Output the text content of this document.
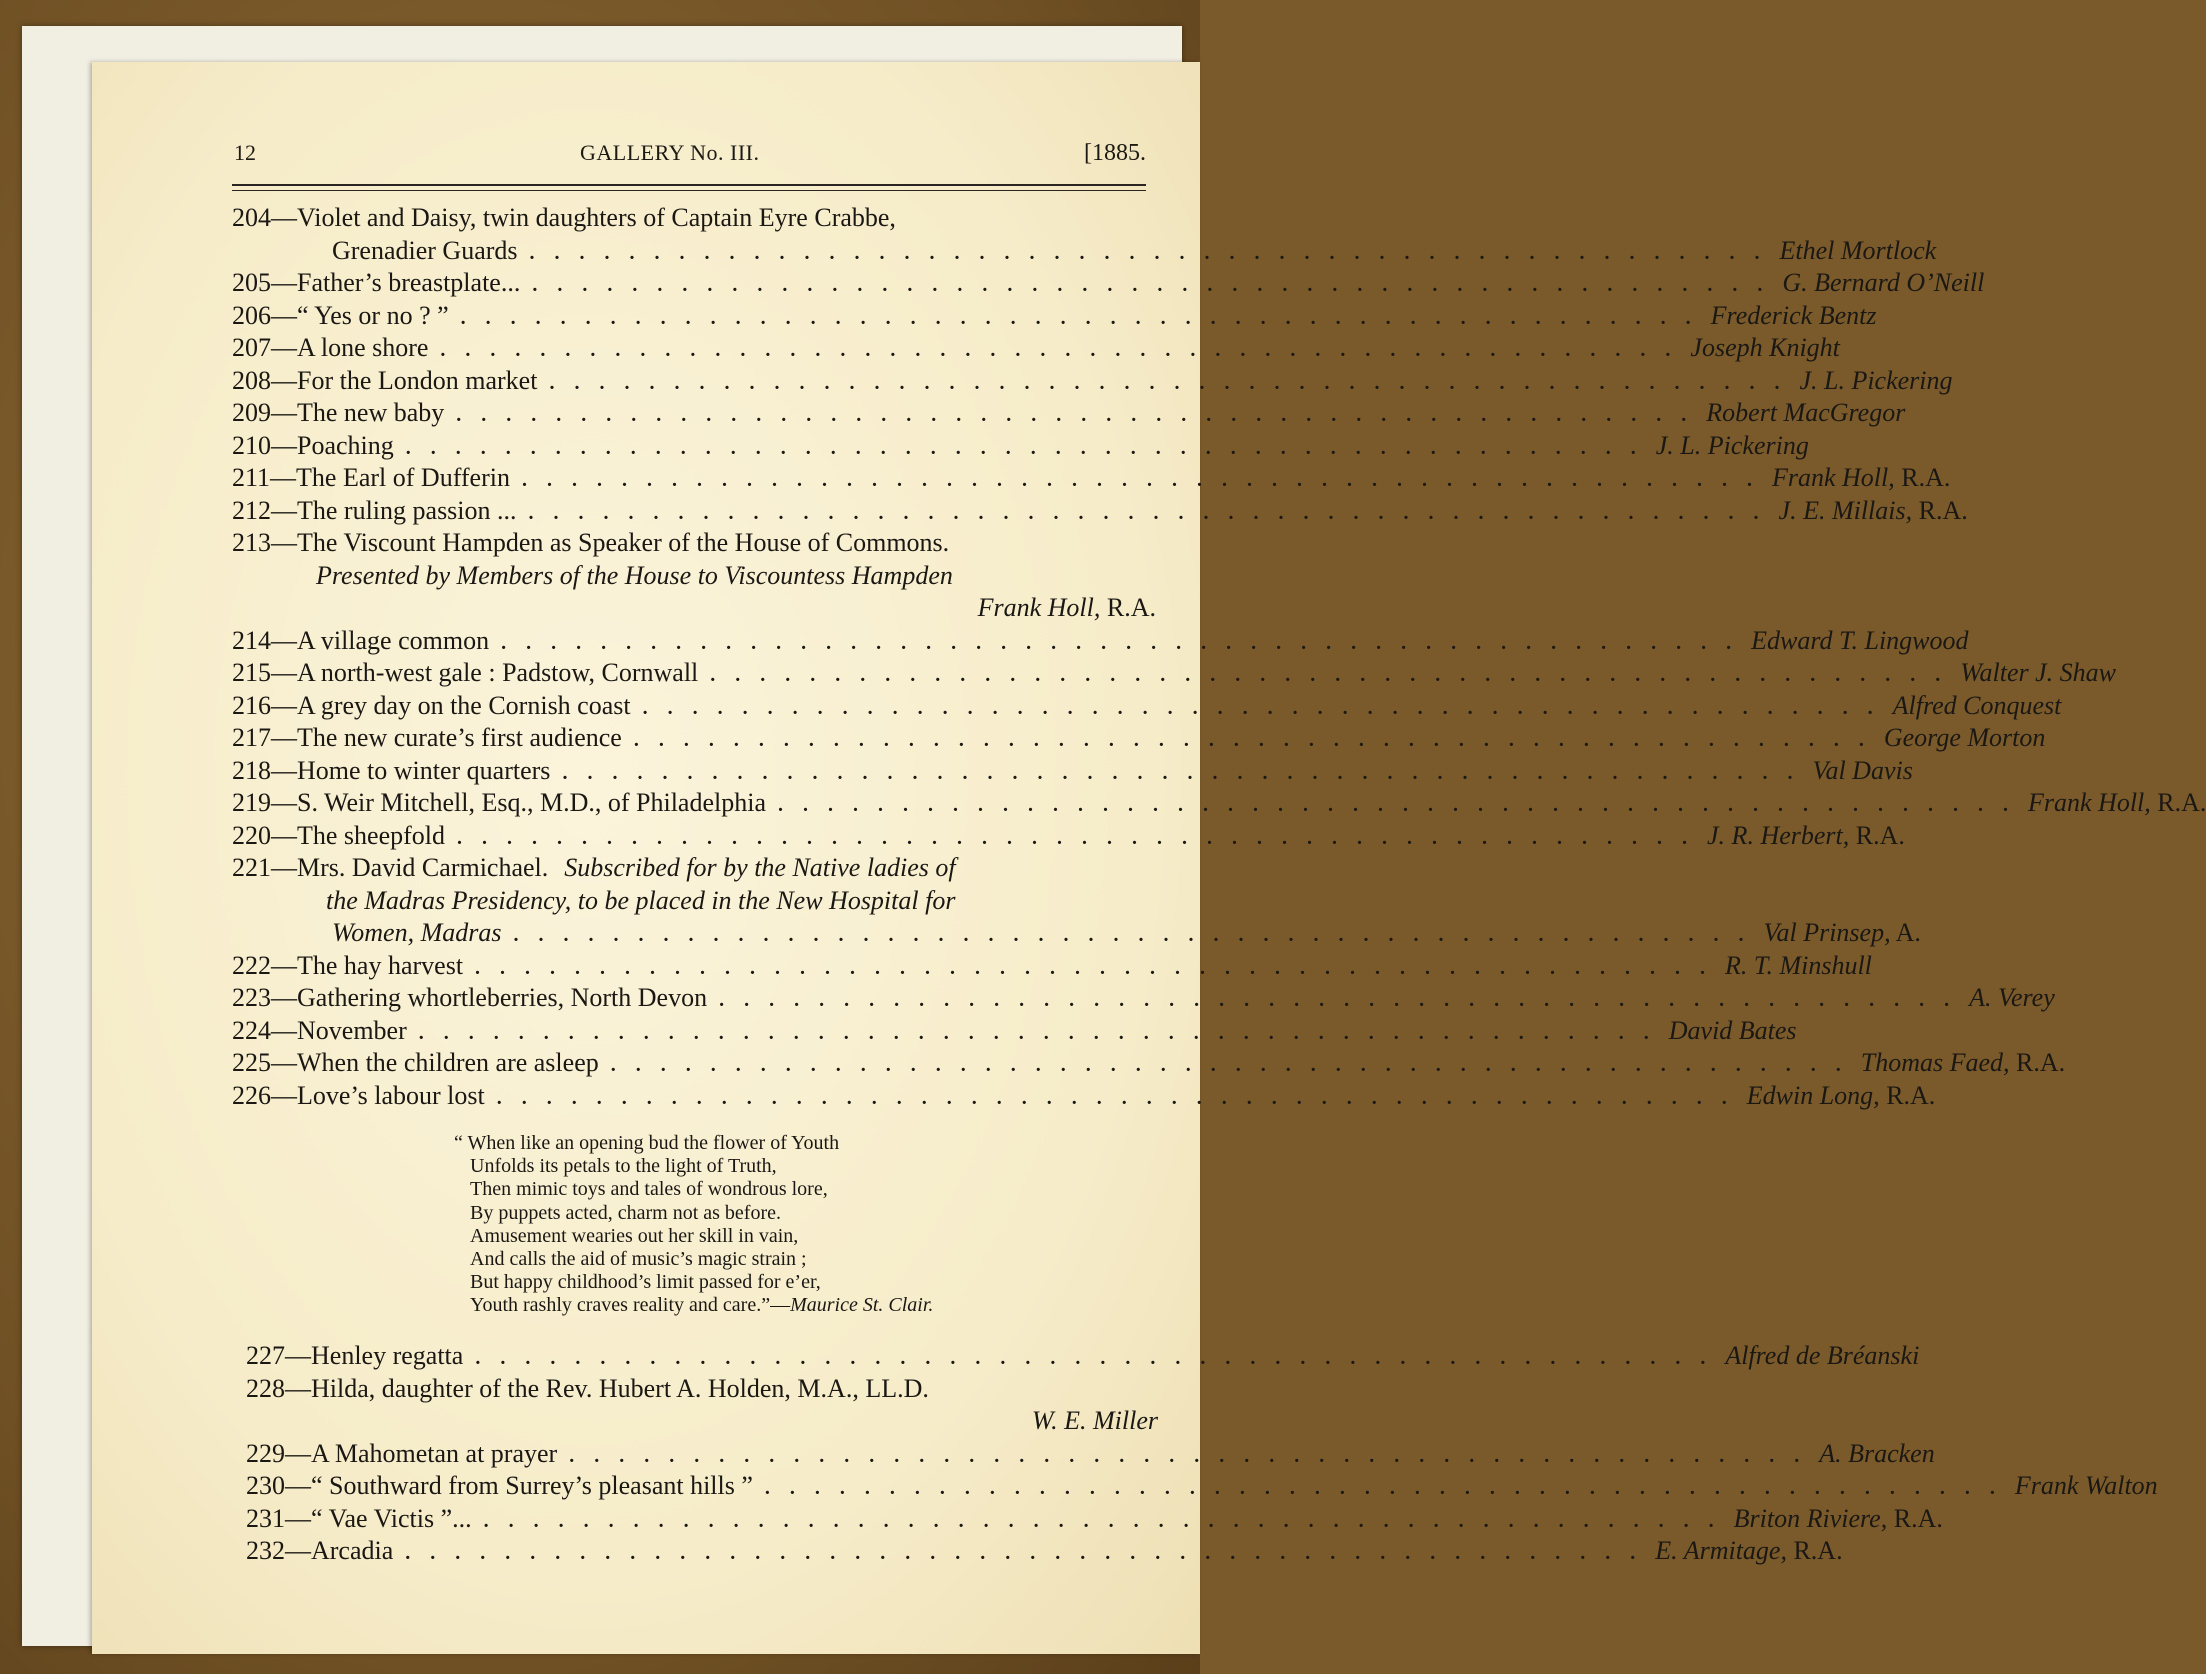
12	GALLERY No. III.	[1885.
204—Violet and Daisy, twin daughters of Captain Eyre Crabbe,
Grenadier Guards .................................................. Ethel Mortlock
205—Father’s breastplate... .................................................. G. Bernard O’Neill
206—“ Yes or no ? ” .................................................. Frederick Bentz
207—A lone shore .................................................. Joseph Knight
208—For the London market .................................................. J. L. Pickering
209—The new baby .................................................. Robert MacGregor
210—Poaching .................................................. J. L. Pickering
211—The Earl of Dufferin .................................................. Frank Holl, R.A.
212—The ruling passion ... .................................................. J. E. Millais, R.A.
213—The Viscount Hampden as Speaker of the House of Commons.
Presented by Members of the House to Viscountess Hampden
Frank Holl, R.A.
214—A village common .................................................. Edward T. Lingwood
215—A north-west gale : Padstow, Cornwall .................................................. Walter J. Shaw
216—A grey day on the Cornish coast .................................................. Alfred Conquest
217—The new curate’s first audience .................................................. George Morton
218—Home to winter quarters .................................................. Val Davis
219—S. Weir Mitchell, Esq., M.D., of Philadelphia .................................................. Frank Holl, R.A.
220—The sheepfold .................................................. J. R. Herbert, R.A.
221—Mrs. David Carmichael. Subscribed for by the Native ladies of
the Madras Presidency, to be placed in the New Hospital for
Women, Madras .................................................. Val Prinsep, A.
222—The hay harvest .................................................. R. T. Minshull
223—Gathering whortleberries, North Devon .................................................. A. Verey
224—November .................................................. David Bates
225—When the children are asleep .................................................. Thomas Faed, R.A.
226—Love’s labour lost .................................................. Edwin Long, R.A.
“ When like an opening bud the flower of Youth
Unfolds its petals to the light of Truth,
Then mimic toys and tales of wondrous lore,
By puppets acted, charm not as before.
Amusement wearies out her skill in vain,
And calls the aid of music’s magic strain ;
But happy childhood’s limit passed for e’er,
Youth rashly craves reality and care.”—Maurice St. Clair.
227—Henley regatta .................................................. Alfred de Bréanski
228—Hilda, daughter of the Rev. Hubert A. Holden, M.A., LL.D.
W. E. Miller
229—A Mahometan at prayer .................................................. A. Bracken
230—“ Southward from Surrey’s pleasant hills ” .................................................. Frank Walton
231—“ Vae Victis ”... .................................................. Briton Riviere, R.A.
232—Arcadia .................................................. E. Armitage, R.A.
